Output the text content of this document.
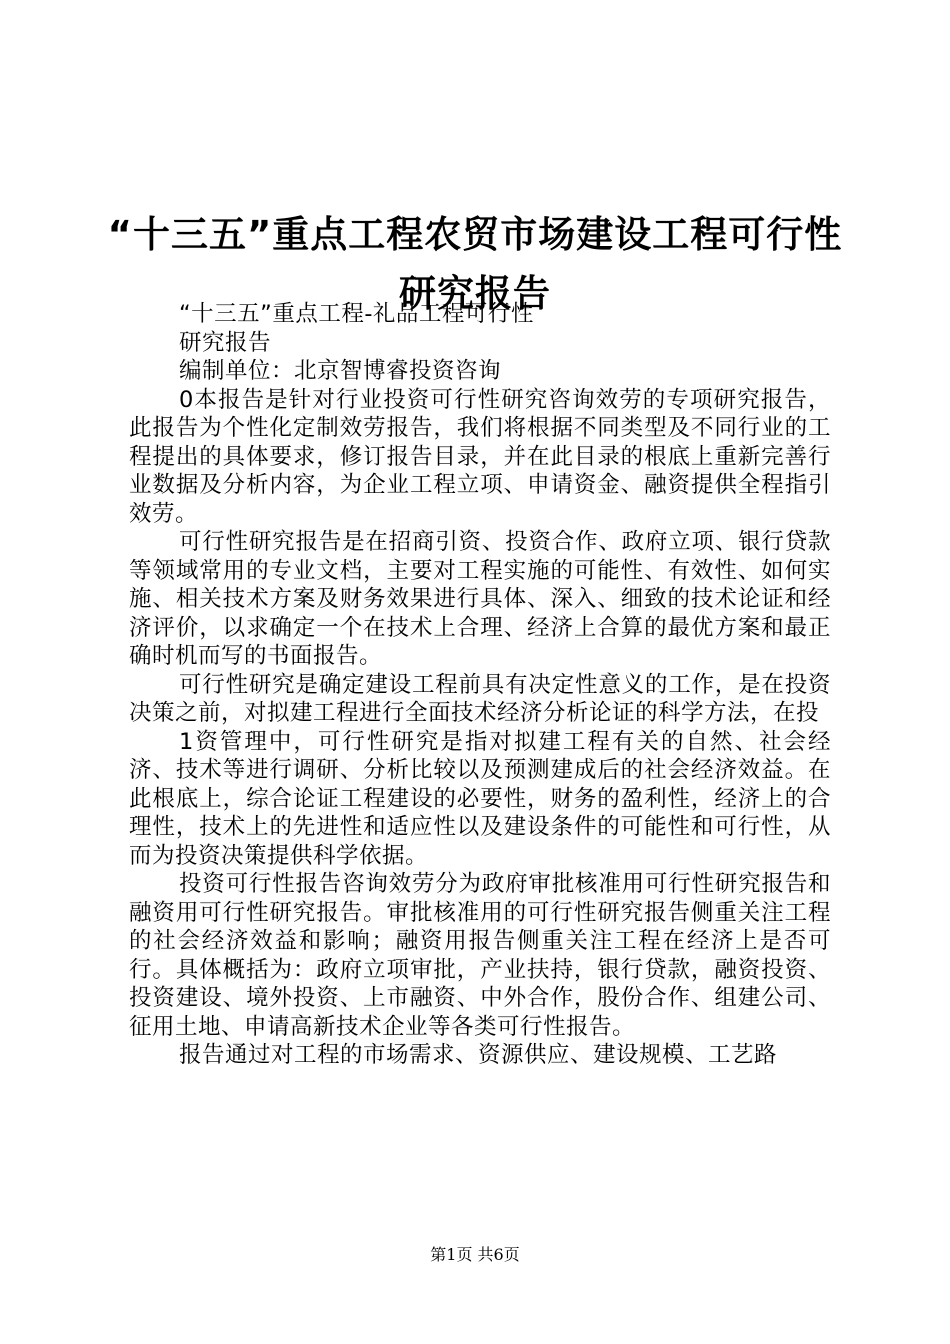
“十三五”重点工程农贸市场建设工程可行性
研究报告

“十三五”重点工程-礼品工程可行性

研究报告

编制单位：北京智博睿投资咨询

0本报告是针对行业投资可行性研究咨询效劳的专项研究报告，此报告为个性化定制效劳报告，我们将根据不同类型及不同行业的工程提出的具体要求，修订报告目录，并在此目录的根底上重新完善行业数据及分析内容，为企业工程立项、申请资金、融资提供全程指引效劳。

可行性研究报告是在招商引资、投资合作、政府立项、银行贷款等领域常用的专业文档，主要对工程实施的可能性、有效性、如何实施、相关技术方案及财务效果进行具体、深入、细致的技术论证和经济评价，以求确定一个在技术上合理、经济上合算的最优方案和最正确时机而写的书面报告。

可行性研究是确定建设工程前具有决定性意义的工作，是在投资决策之前，对拟建工程进行全面技术经济分析论证的科学方法，在投

1资管理中，可行性研究是指对拟建工程有关的自然、社会经济、技术等进行调研、分析比较以及预测建成后的社会经济效益。在此根底上，综合论证工程建设的必要性，财务的盈利性，经济上的合理性，技术上的先进性和适应性以及建设条件的可能性和可行性，从而为投资决策提供科学依据。

投资可行性报告咨询效劳分为政府审批核准用可行性研究报告和融资用可行性研究报告。审批核准用的可行性研究报告侧重关注工程的社会经济效益和影响；融资用报告侧重关注工程在经济上是否可行。具体概括为：政府立项审批，产业扶持，银行贷款，融资投资、投资建设、境外投资、上市融资、中外合作，股份合作、组建公司、征用土地、申请高新技术企业等各类可行性报告。

报告通过对工程的市场需求、资源供应、建设规模、工艺路

第1页 共6页
